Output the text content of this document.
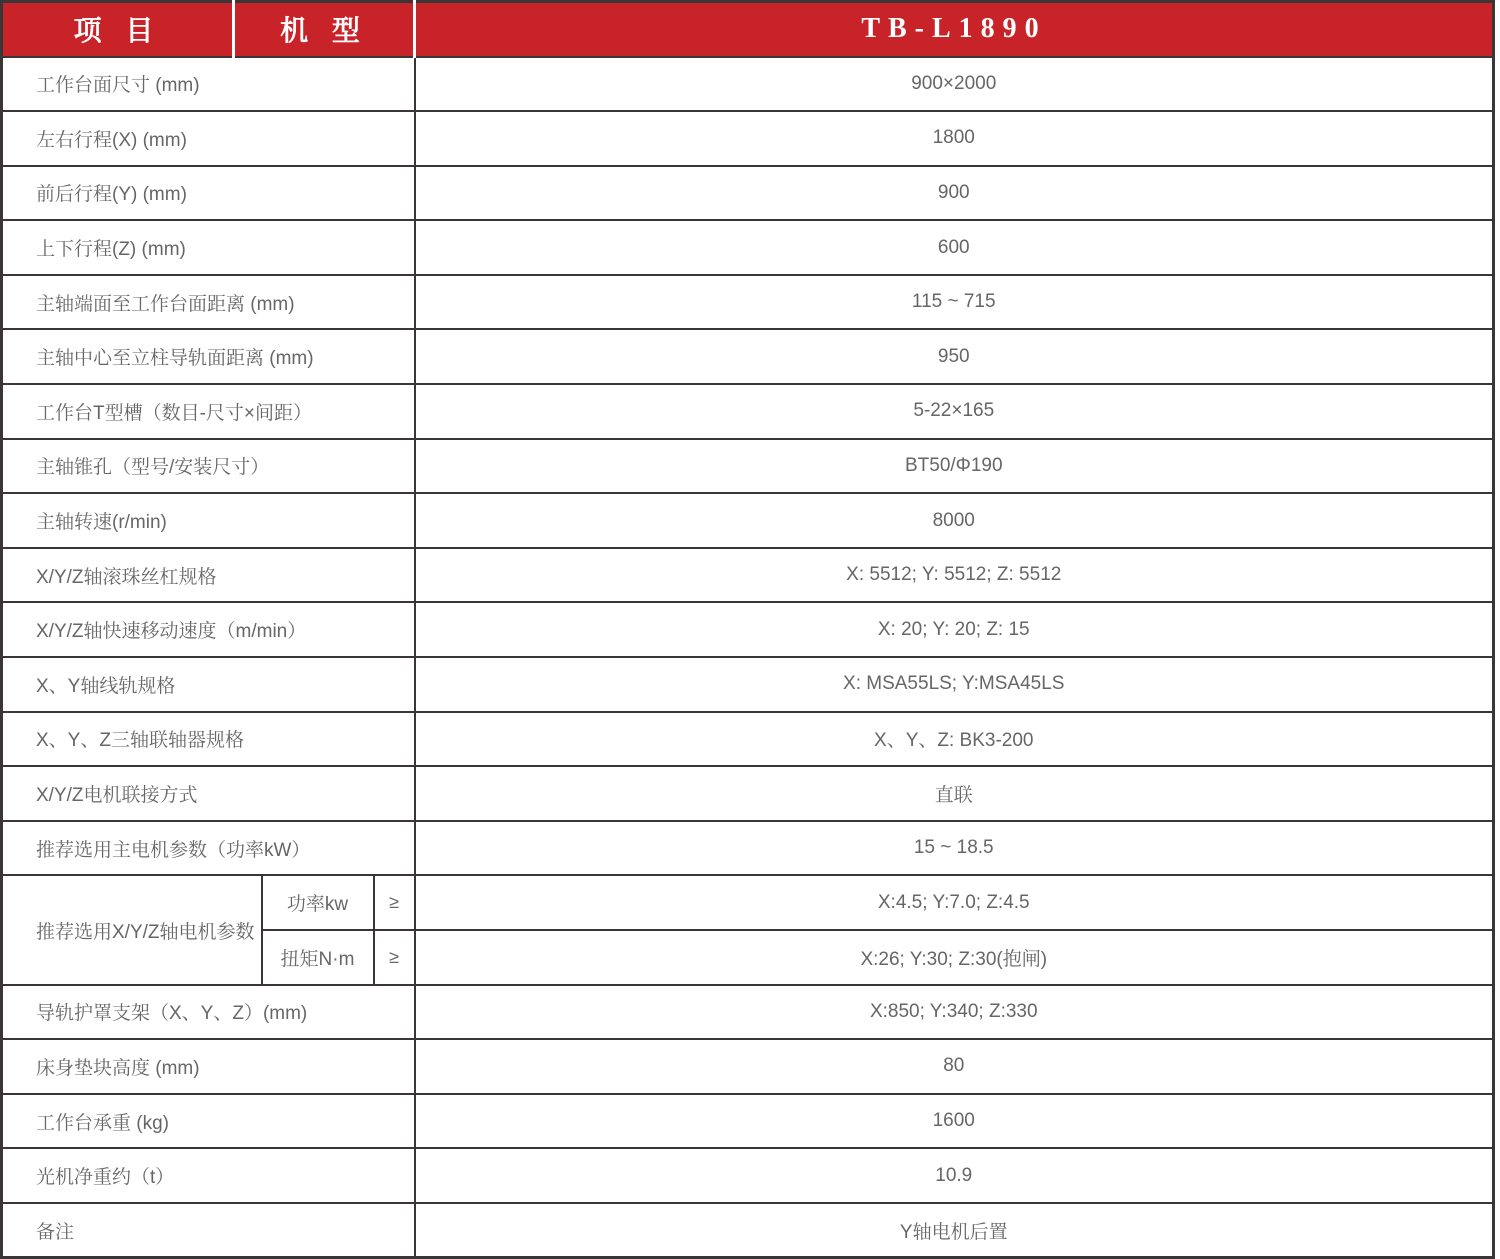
项 目	机 型			TB-L1890
工作台面尺寸 (mm)				900×2000
左右行程(X) (mm)				1800
前后行程(Y) (mm)				900
上下行程(Z) (mm)				600
主轴端面至工作台面距离 (mm)				115 ~ 715
主轴中心至立柱导轨面距离 (mm)				950
工作台T型槽（数目-尺寸×间距）				5-22×165
主轴锥孔（型号/安装尺寸）				BT50/Φ190
主轴转速(r/min)				8000
X/Y/Z轴滚珠丝杠规格				X: 5512; Y: 5512; Z: 5512
X/Y/Z轴快速移动速度（m/min）				X: 20; Y: 20; Z: 15
X、Y轴线轨规格				X: MSA55LS; Y:MSA45LS
X、Y、Z三轴联轴器规格				X、Y、Z: BK3-200
X/Y/Z电机联接方式				直联
推荐选用主电机参数（功率kW）				15 ~ 18.5
推荐选用X/Y/Z轴电机参数		功率kw	≥	X:4.5; Y:7.0; Z:4.5
		扭矩N·m	≥	X:26; Y:30; Z:30(抱闸)
导轨护罩支架（X、Y、Z）(mm)				X:850; Y:340; Z:330
床身垫块高度 (mm)				80
工作台承重 (kg)				1600
光机净重约（t）				10.9
备注				Y轴电机后置
